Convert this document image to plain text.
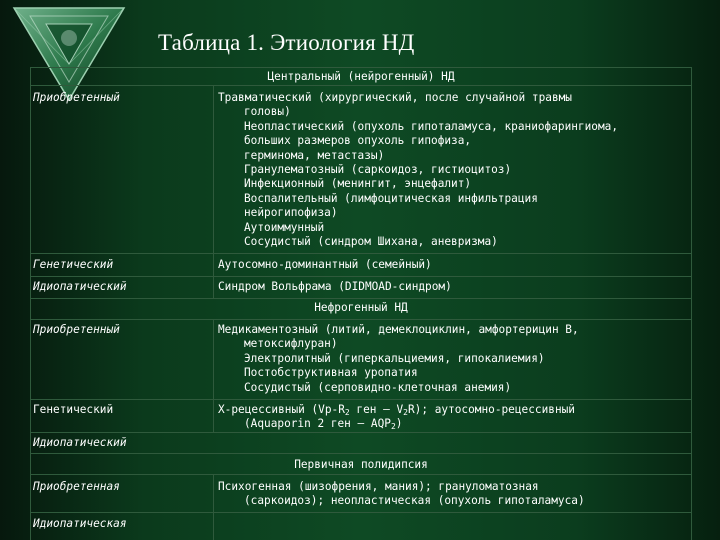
Таблица 1. Этиология НД
Центральный (нейрогенный) НД
Приобретенный	Травматический (хирургический, после случайной травмы
головы)
Неопластический (опухоль гипоталамуса, краниофарингиома,
больших размеров опухоль гипофиза,
герминома, метастазы)
Гранулематозный (саркоидоз, гистиоцитоз)
Инфекционный (менингит, энцефалит)
Воспалительный (лимфоцитическая инфильтрация
нейрогипофиза)
Аутоиммунный
Сосудистый (синдром Шихана, аневризма)
Генетический	Аутосомно-доминантный (семейный)
Идиопатический	Синдром Вольфрама (DIDMOAD-синдром)
Нефрогенный НД
Приобретенный	Медикаментозный (литий, демеклоциклин, амфортерицин B,
метоксифлуран)
Электролитный (гиперкальциемия, гипокалиемия)
Постобструктивная уропатия
Сосудистый (серповидно-клеточная анемия)
Генетический	Х-рецессивный ($Vp-R_2$ ген — $V_2R$); аутосомно-рецессивный
(Aquaporin 2 ген — $AQP_2$)
Идиопатический
Первичная полидипсия
Приобретенная	Психогенная (шизофрения, мания); грануломатозная
(саркоидоз); неопластическая (опухоль гипоталамуса)
Идиопатическая
